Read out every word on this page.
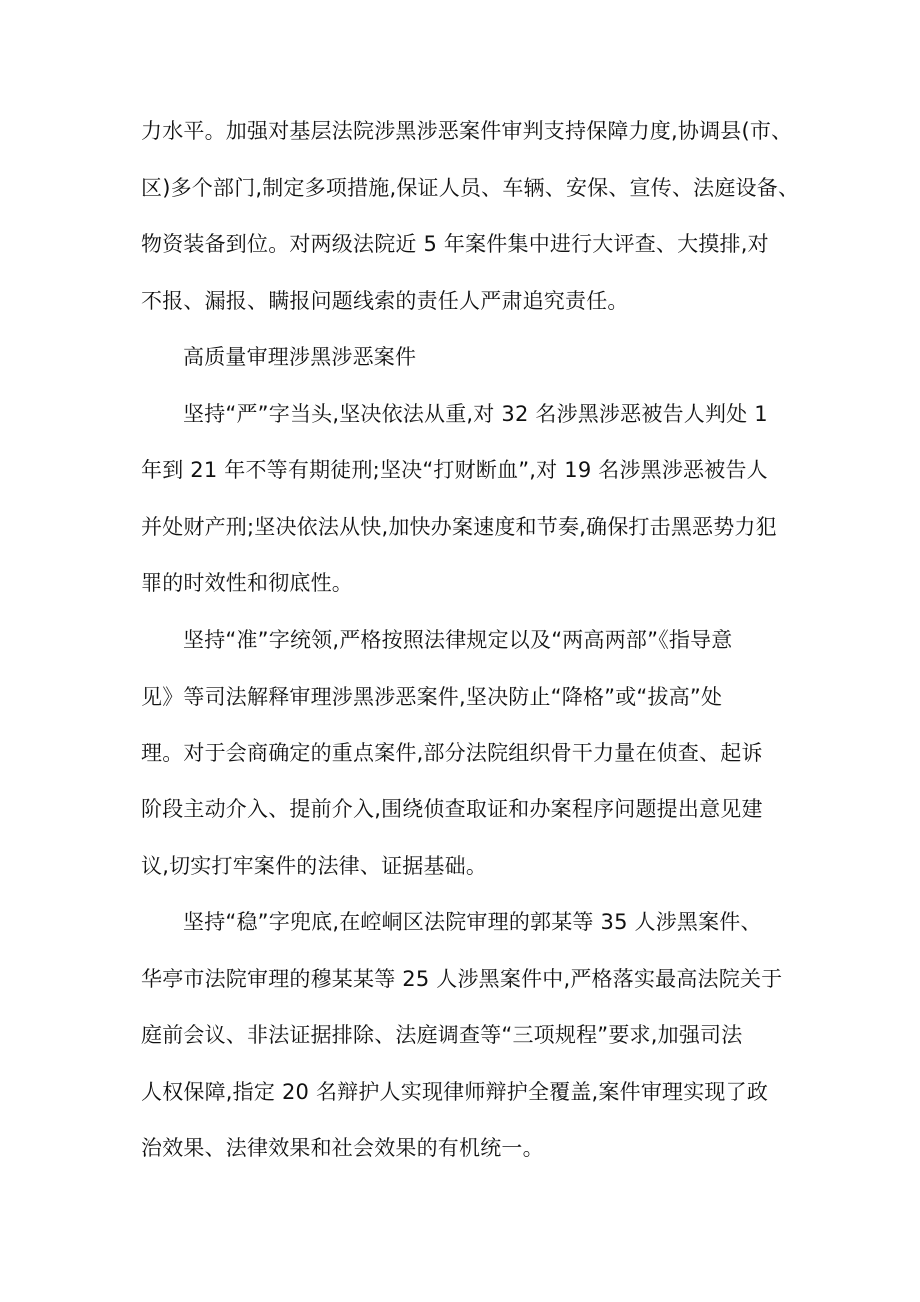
力水平。加强对基层法院涉黑涉恶案件审判支持保障力度,协调县(市、
区)多个部门,制定多项措施,保证人员、车辆、安保、宣传、法庭设备、
物资装备到位。对两级法院近 5 年案件集中进行大评查、大摸排,对
不报、漏报、瞒报问题线索的责任人严肃追究责任。
高质量审理涉黑涉恶案件
坚持“严”字当头,坚决依法从重,对 32 名涉黑涉恶被告人判处 1
年到 21 年不等有期徒刑;坚决“打财断血”,对 19 名涉黑涉恶被告人
并处财产刑;坚决依法从快,加快办案速度和节奏,确保打击黑恶势力犯
罪的时效性和彻底性。
坚持“准”字统领,严格按照法律规定以及“两高两部”《指导意
见》等司法解释审理涉黑涉恶案件,坚决防止“降格”或“拔高”处
理。对于会商确定的重点案件,部分法院组织骨干力量在侦查、起诉
阶段主动介入、提前介入,围绕侦查取证和办案程序问题提出意见建
议,切实打牢案件的法律、证据基础。
坚持“稳”字兜底,在崆峒区法院审理的郭某等 35 人涉黑案件、
华亭市法院审理的穆某某等 25 人涉黑案件中,严格落实最高法院关于
庭前会议、非法证据排除、法庭调查等“三项规程”要求,加强司法
人权保障,指定 20 名辩护人实现律师辩护全覆盖,案件审理实现了政
治效果、法律效果和社会效果的有机统一。
